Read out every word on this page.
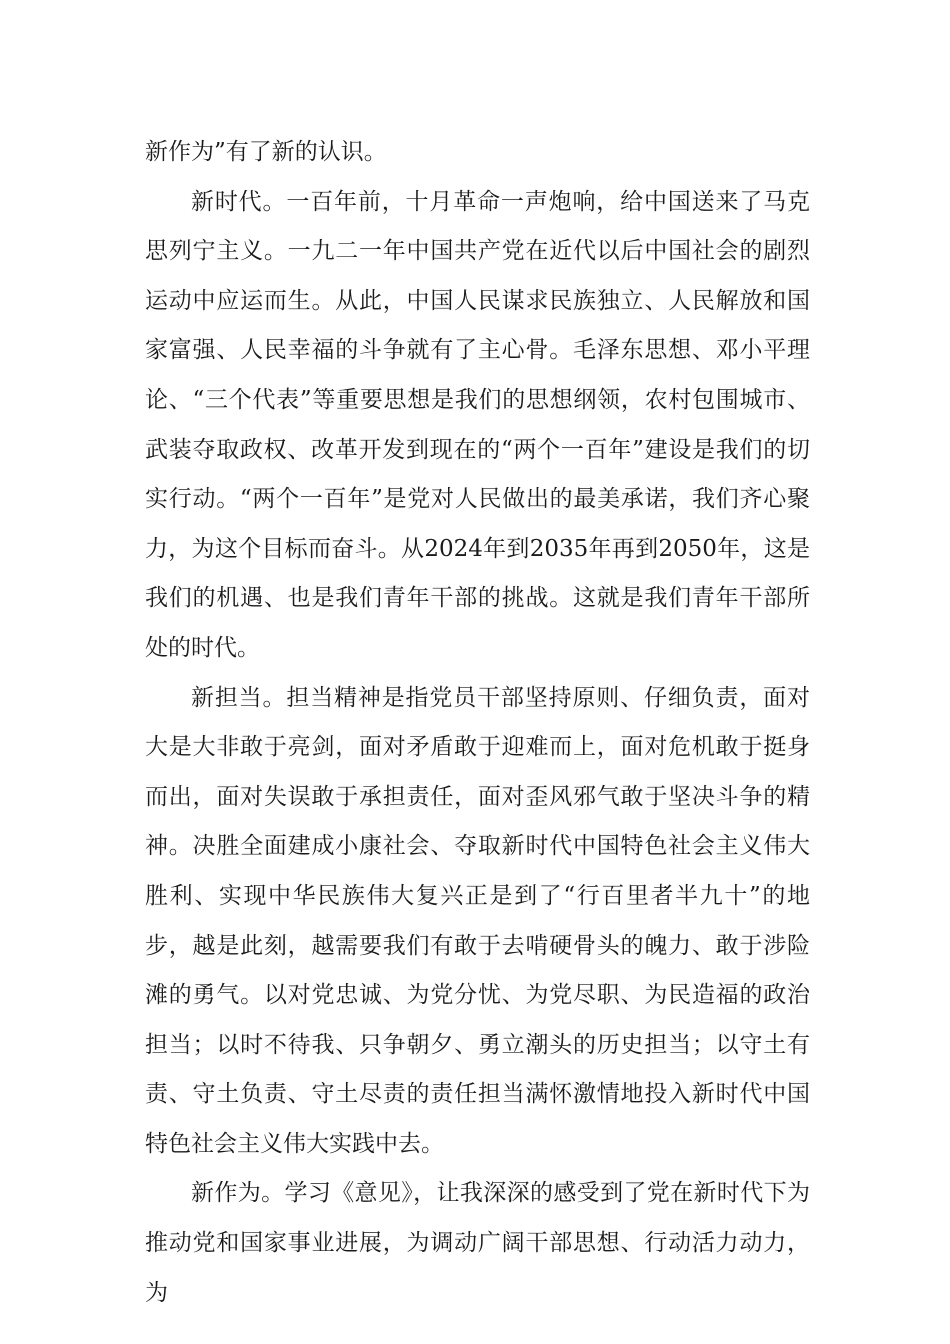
新作为”有了新的认识。

新时代。一百年前，十月革命一声炮响，给中国送来了马克思列宁主义。一九二一年中国共产党在近代以后中国社会的剧烈运动中应运而生。从此，中国人民谋求民族独立、人民解放和国家富强、人民幸福的斗争就有了主心骨。毛泽东思想、邓小平理论、“三个代表”等重要思想是我们的思想纲领，农村包围城市、武装夺取政权、改革开发到现在的“两个一百年”建设是我们的切实行动。“两个一百年”是党对人民做出的最美承诺，我们齐心聚力，为这个目标而奋斗。从2024年到2035年再到2050年，这是我们的机遇、也是我们青年干部的挑战。这就是我们青年干部所处的时代。

新担当。担当精神是指党员干部坚持原则、仔细负责，面对大是大非敢于亮剑，面对矛盾敢于迎难而上，面对危机敢于挺身而出，面对失误敢于承担责任，面对歪风邪气敢于坚决斗争的精神。决胜全面建成小康社会、夺取新时代中国特色社会主义伟大胜利、实现中华民族伟大复兴正是到了“行百里者半九十”的地步，越是此刻，越需要我们有敢于去啃硬骨头的魄力、敢于涉险滩的勇气。以对党忠诚、为党分忧、为党尽职、为民造福的政治担当；以时不待我、只争朝夕、勇立潮头的历史担当；以守土有责、守土负责、守土尽责的责任担当满怀激情地投入新时代中国特色社会主义伟大实践中去。

新作为。学习《意见》，让我深深的感受到了党在新时代下为推动党和国家事业进展，为调动广阔干部思想、行动活力动力，为
